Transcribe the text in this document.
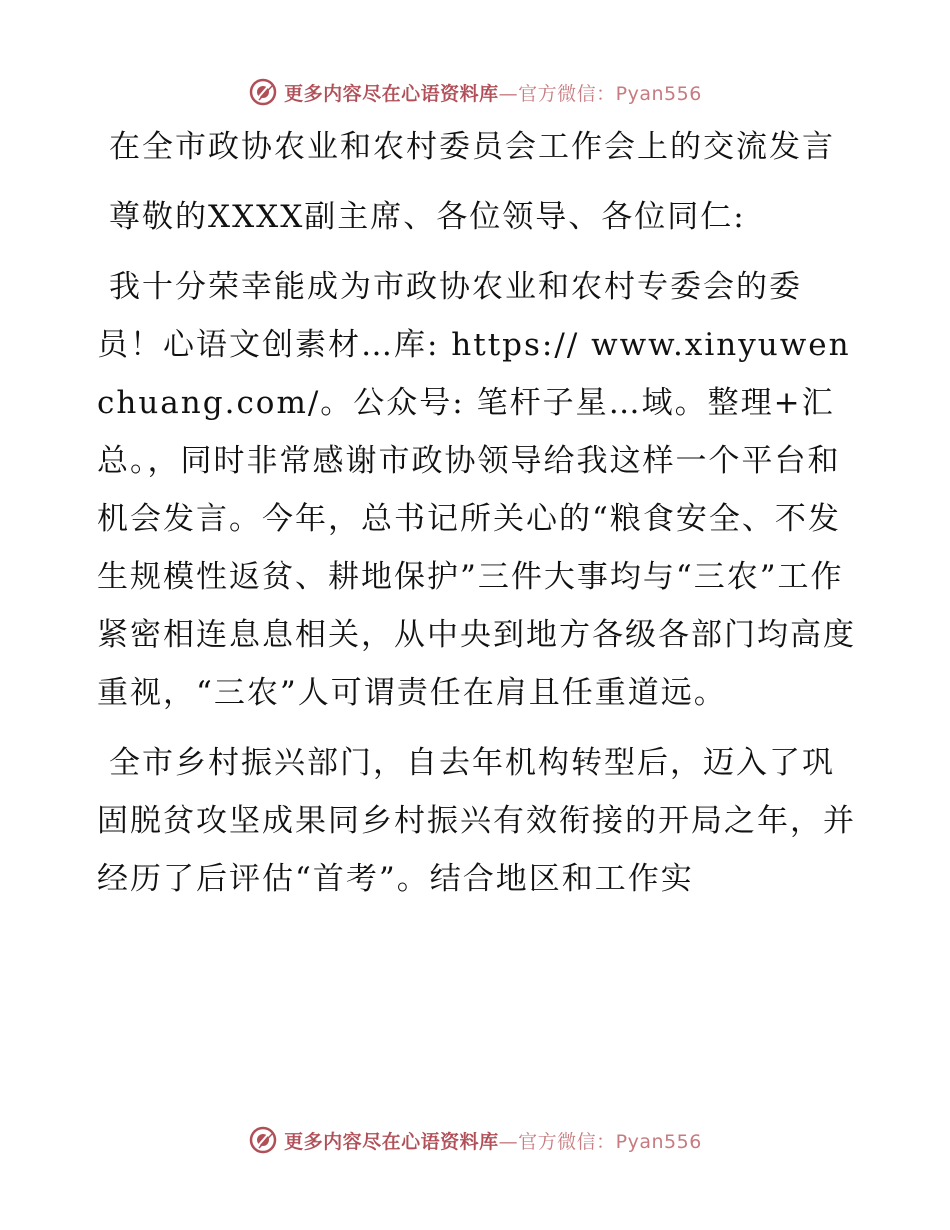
更多内容尽在心语资料库—官方微信：Pyan556

在全市政协农业和农村委员会工作会上的交流发言

尊敬的XXXX副主席、各位领导、各位同仁:

我十分荣幸能成为市政协农业和农村专委会的委员！心语文创素材…库: https:// www.xinyuwenchuang.com/。公众号: 笔杆子星…域。整理+汇总。，同时非常感谢市政协领导给我这样一个平台和机会发言。今年，总书记所关心的“粮食安全、不发生规模性返贫、耕地保护”三件大事均与“三农”工作紧密相连息息相关，从中央到地方各级各部门均高度重视，“三农”人可谓责任在肩且任重道远。

全市乡村振兴部门，自去年机构转型后，迈入了巩固脱贫攻坚成果同乡村振兴有效衔接的开局之年，并经历了后评估“首考”。结合地区和工作实

更多内容尽在心语资料库—官方微信：Pyan556
